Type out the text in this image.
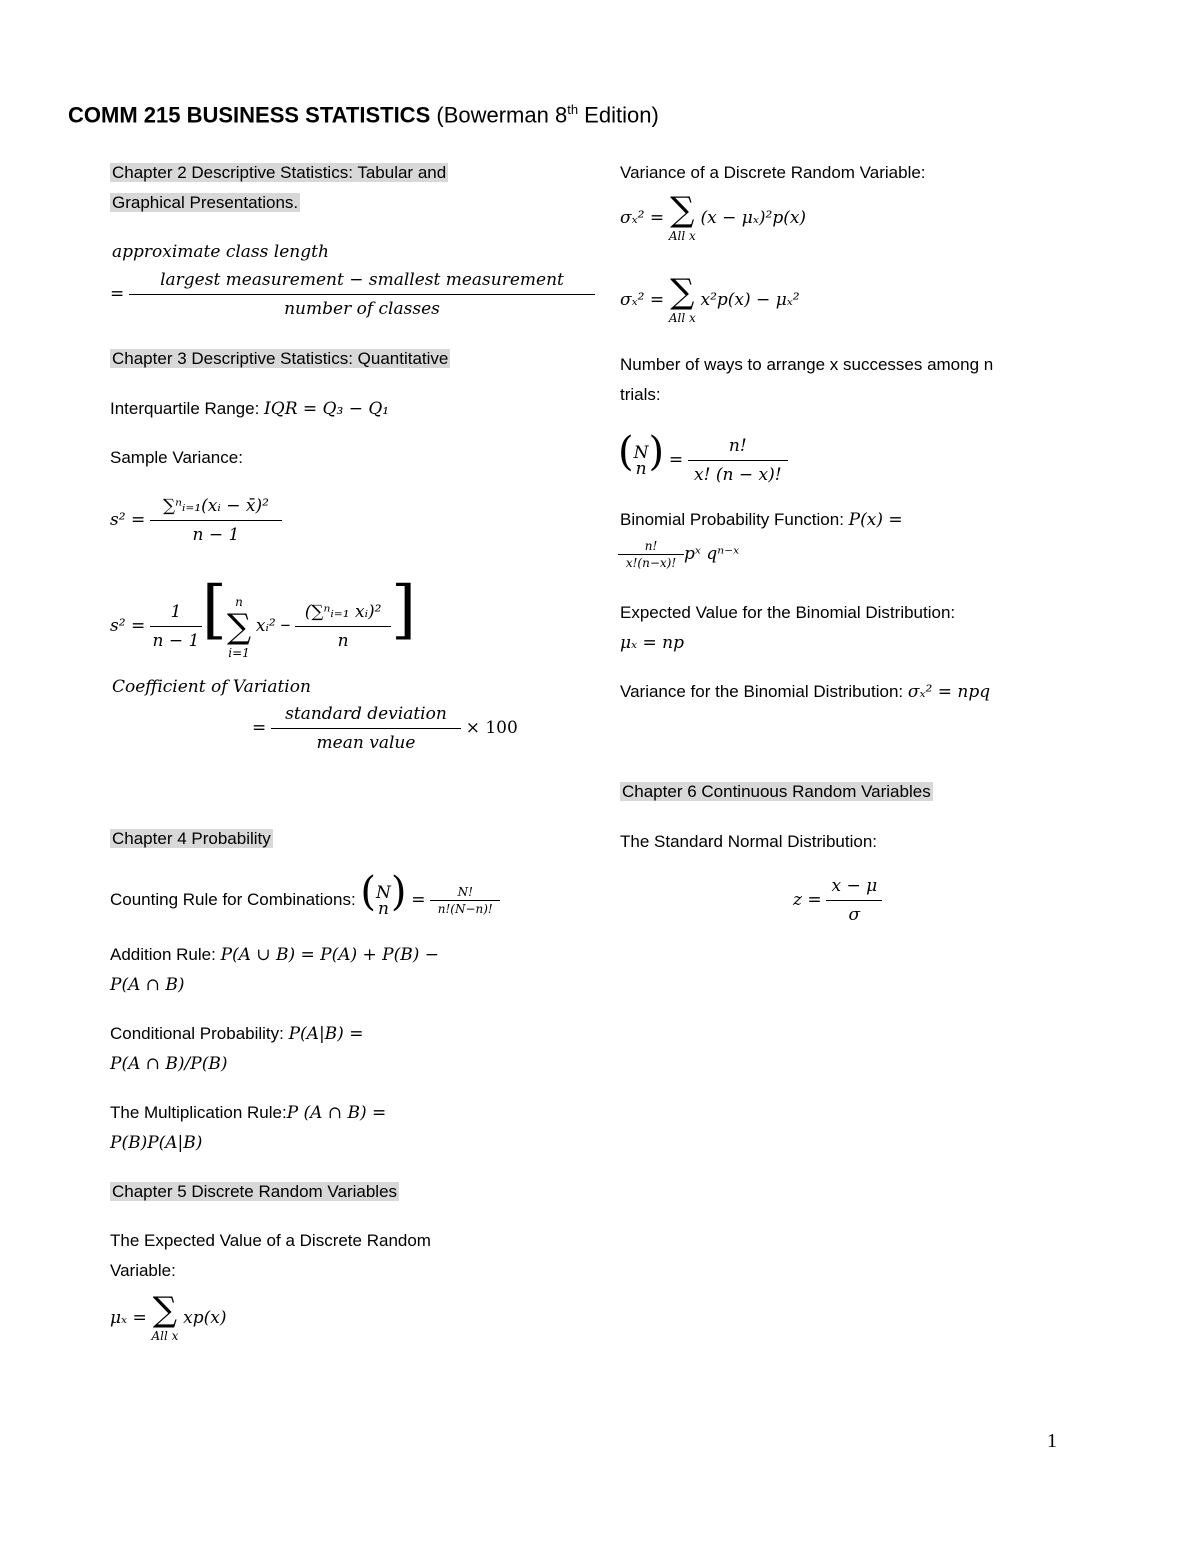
COMM 215 BUSINESS STATISTICS (Bowerman 8th Edition)
Chapter 2 Descriptive Statistics: Tabular and
Graphical Presentations.
approximate class length
= $\frac{\text{largest measurement − smallest measurement}}{\text{number of classes}}$
Chapter 3 Descriptive Statistics: Quantitative
Interquartile Range: IQR = Q₃ − Q₁
Sample Variance:
$s^2 = \frac{\text{∑ⁿᵢ₌₁(xᵢ − x̄)²}}{n - 1}$
$s^2 = \frac{1}{n - 1}$ [ n
∑
i=1 xᵢ² − $\frac{\text{(∑ⁿᵢ₌₁ xᵢ)²}}{n}$ ]
Coefficient of Variation
= $\frac{\text{standard deviation}}{\text{mean value}} \times 100$
Chapter 4 Probability
Counting Rule for Combinations: (N
$n) = \frac{N!}{n!(N-n)!}$
Addition Rule: P(A ∪ B) = P(A) + P(B) −
P(A ∩ B)
Conditional Probability: P(A|B) =
P(A ∩ B)/P(B)
The Multiplication Rule:P (A ∩ B) =
P(B)P(A|B)
Chapter 5 Discrete Random Variables
The Expected Value of a Discrete Random
Variable:
μₓ = ∑
All x xp(x)
Variance of a Discrete Random Variable:
σₓ² = ∑
All x (x − μₓ)²p(x)
σₓ² = ∑
All x x²p(x) − μₓ²
Number of ways to arrange x successes among n
trials:
(N
$n) = \frac{n!}{x! (n - x)!}$
Binomial Probability Function: P(x) =
$\frac{n!}{x!(n-x)!}$ pˣ qⁿ⁻ˣ
Expected Value for the Binomial Distribution:
μₓ = np
Variance for the Binomial Distribution: σₓ² = npq
Chapter 6 Continuous Random Variables
The Standard Normal Distribution:
$z = \frac{x - \mu}{\sigma}$
1
